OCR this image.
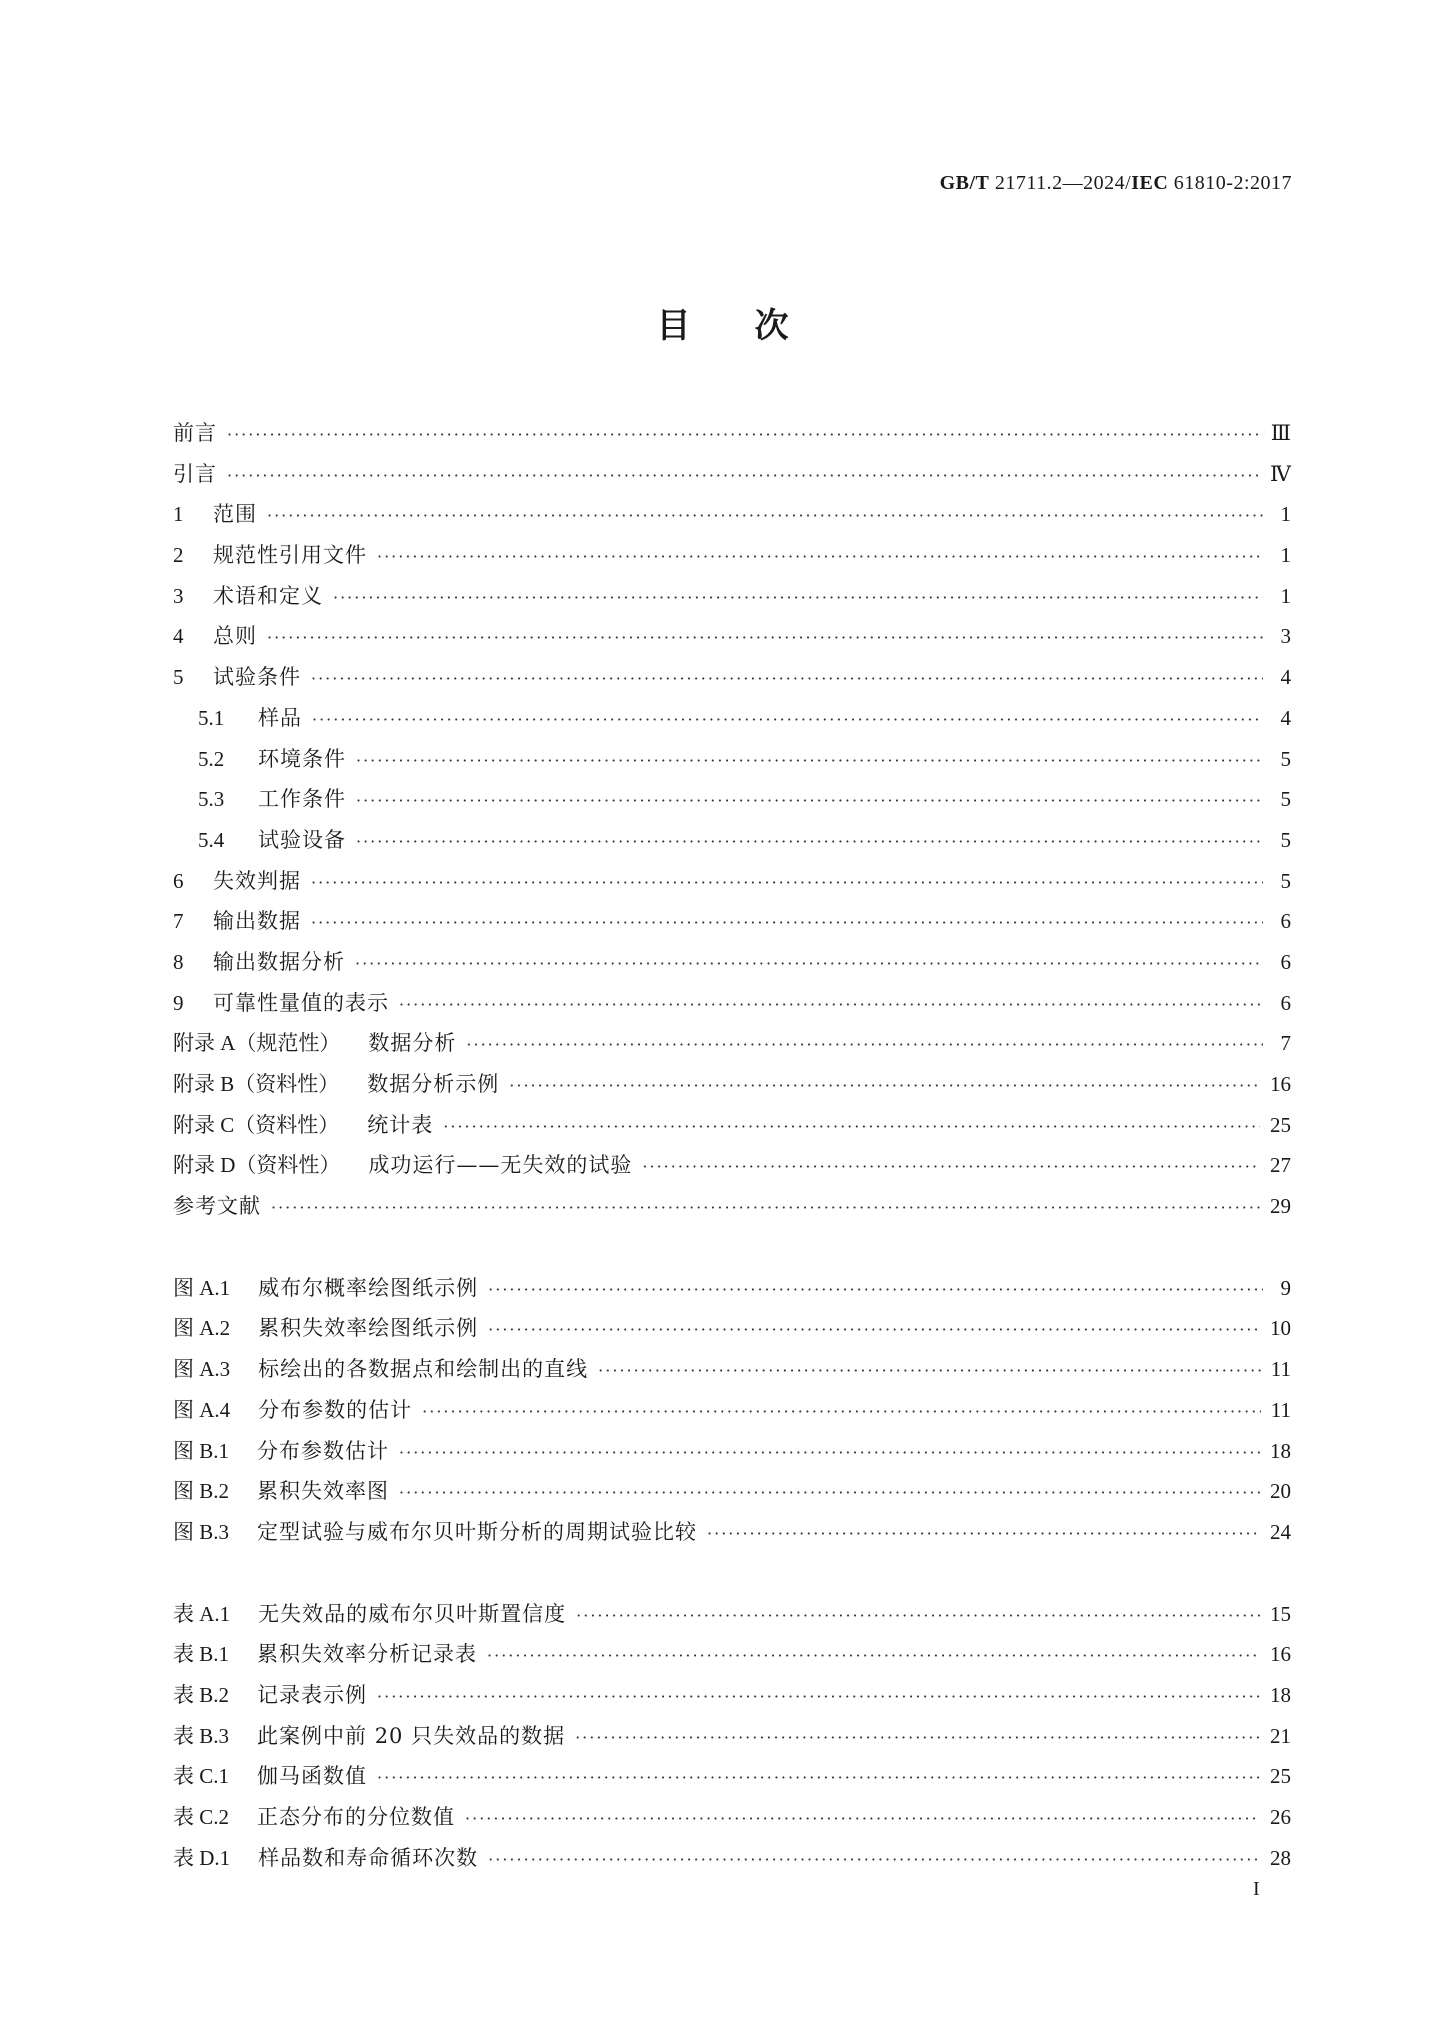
GB/T 21711.2—2024/IEC 61810-2:2017
目次
前言 ·····	Ⅲ
引言 ·····	Ⅳ
1 范围 ·····	1
2 规范性引用文件 ·····	1
3 术语和定义 ·····	1
4 总则 ·····	3
5 试验条件 ·····	4
5.1 样品 ·····	4
5.2 环境条件 ·····	5
5.3 工作条件 ·····	5
5.4 试验设备 ·····	5
6 失效判据 ·····	5
7 输出数据 ·····	6
8 输出数据分析 ·····	6
9 可靠性量值的表示 ·····	6
附录 A（规范性） 数据分析 ·····	7
附录 B（资料性） 数据分析示例 ·····	16
附录 C（资料性） 统计表 ·····	25
附录 D（资料性） 成功运行——无失效的试验 ·····	27
参考文献 ·····	29
图 A.1 威布尔概率绘图纸示例 ·····	9
图 A.2 累积失效率绘图纸示例 ·····	10
图 A.3 标绘出的各数据点和绘制出的直线 ·····	11
图 A.4 分布参数的估计 ·····	11
图 B.1 分布参数估计 ·····	18
图 B.2 累积失效率图 ·····	20
图 B.3 定型试验与威布尔贝叶斯分析的周期试验比较 ·····	24
表 A.1 无失效品的威布尔贝叶斯置信度 ·····	15
表 B.1 累积失效率分析记录表 ·····	16
表 B.2 记录表示例 ·····	18
表 B.3 此案例中前 20 只失效品的数据 ·····	21
表 C.1 伽马函数值 ·····	25
表 C.2 正态分布的分位数值 ·····	26
表 D.1 样品数和寿命循环次数 ·····	28
I
